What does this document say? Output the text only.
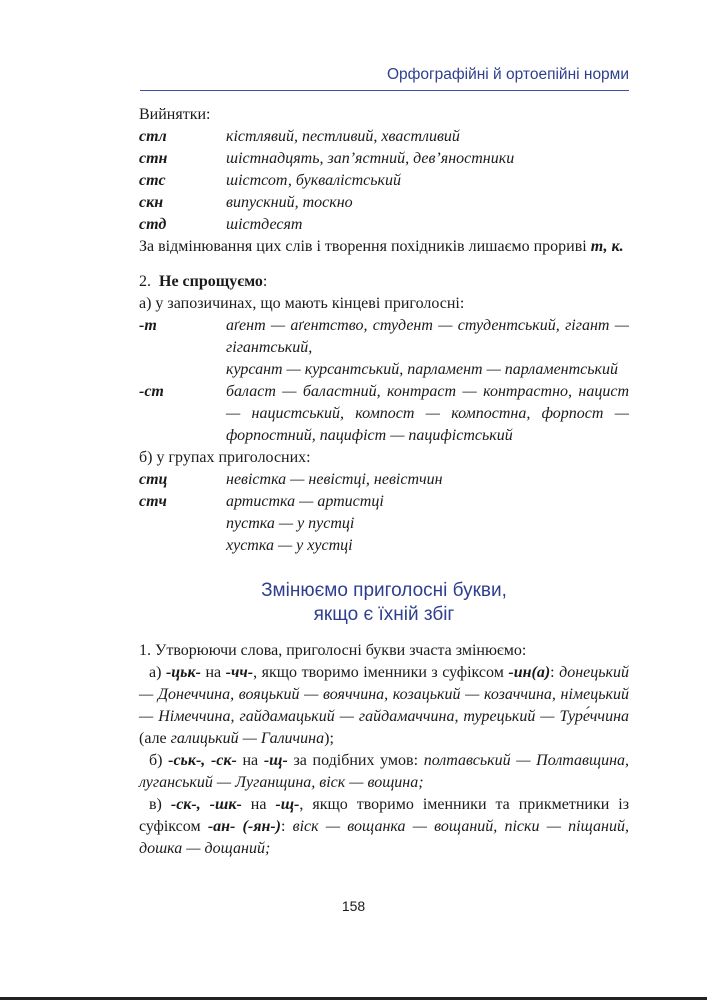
Орфографійні й ортоепійні норми

Вийнятки:

стл	кістлявий, пестливий, хвастливий
стн	шістнадцять, зап’ястний, дев’яностники
стс	шістсот, буквалістський
скн	випускний, тоскно
стд	шістдесят

За відмінювання цих слів і творення похідників лишаємо прориві т, к.

2. Не спрощуємо:

а) у запозичинах, що мають кінцеві приголосні:

-т	аґент — аґентство, студент — студентський, гігант — гігантський,
курсант — курсантський, парламент — парламентський
-ст	баласт — баластний, контраст — контрастно, нацист — нацистський, компост — компостна, форпост — форпостний, пацифіст — пацифістський

б) у групах приголосних:

стц	невістка — невістці, невістчин
стч	артистка — артистці
пустка — у пустці
хустка — у хустці

Змінюємо приголосні букви,

якщо є їхній збіг

1. Утворюючи слова, приголосні букви зчаста змінюємо:

а) -цьк- на -чч-, якщо творимо іменники з суфіксом -ин(а): донецький — Донеччина, вояцький — вояччина, козацький — козаччина, німецький — Німеччина, гайдамацький — гайдамаччина, турецький — Туре́ччина (але галицький — Галичина);

б) -ськ-, -ск- на -щ- за подібних умов: полтавський — Полтавщина, луганський — Луганщина, віск — вощина;

в) -ск-, -шк- на -щ-, якщо творимо іменники та прикметники із суфіксом -ан- (-ян-): віск — вощанка — вощаний, піски — піщаний, дошка — дощаний;

158
